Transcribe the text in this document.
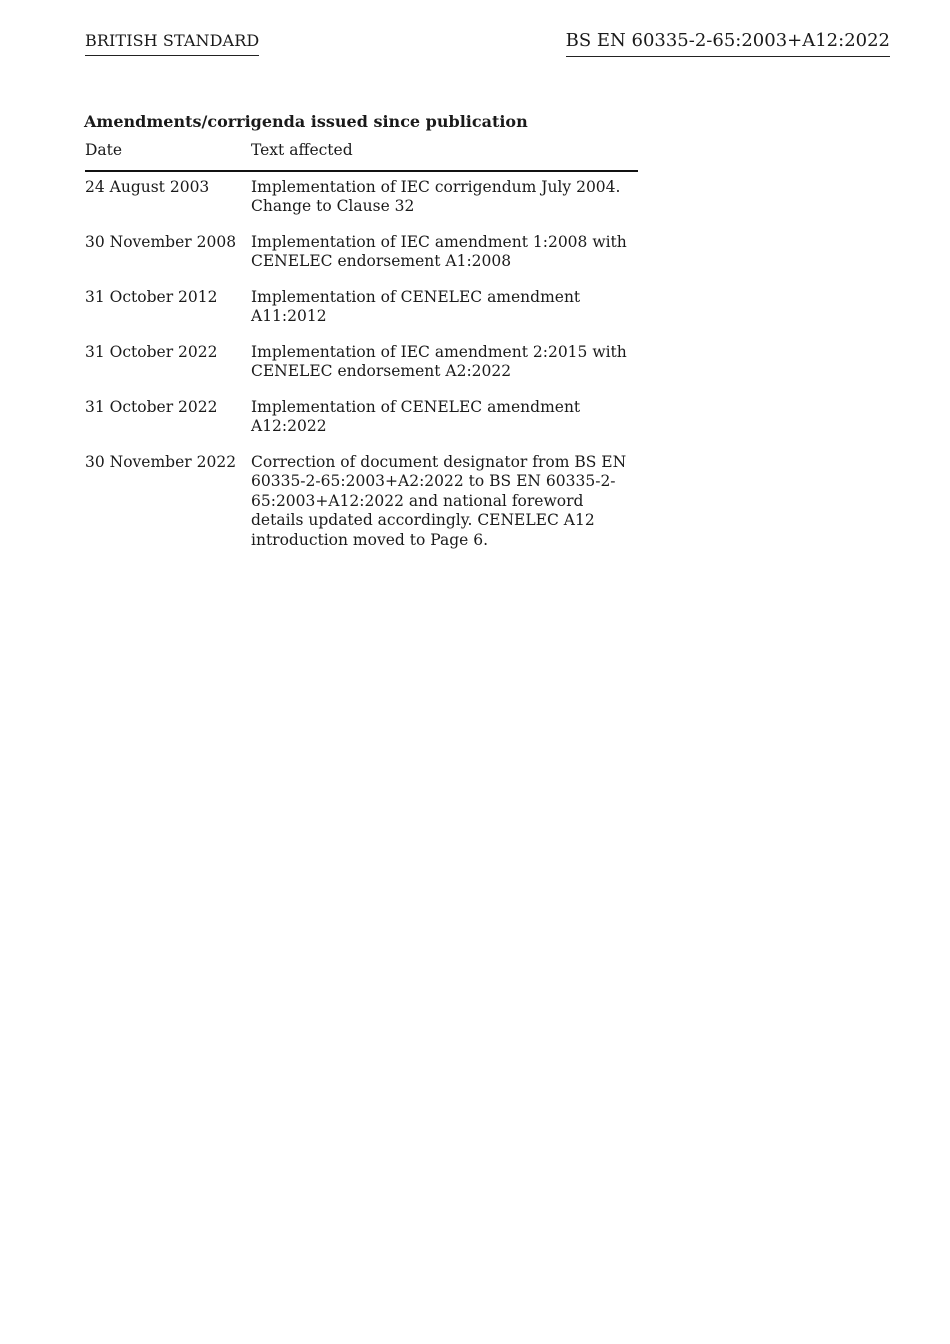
BRITISH STANDARD	BS EN 60335-2-65:2003+A12:2022
Amendments/corrigenda issued since publication
Date	Text affected
24 August 2003	Implementation of IEC corrigendum July 2004. Change to Clause 32
30 November 2008 Implementation of IEC amendment 1:2008 with CENELEC endorsement A1:2008
31 October 2012	Implementation of CENELEC amendment A11:2012
31 October 2022	Implementation of IEC amendment 2:2015 with CENELEC endorsement A2:2022
31 October 2022	Implementation of CENELEC amendment A12:2022
30 November 2022 Correction of document designator from BS EN 60335-2-65:2003+A2:2022 to BS EN 60335-2-65:2003+A12:2022 and national foreword details updated accordingly. CENELEC A12 introduction moved to Page 6.
